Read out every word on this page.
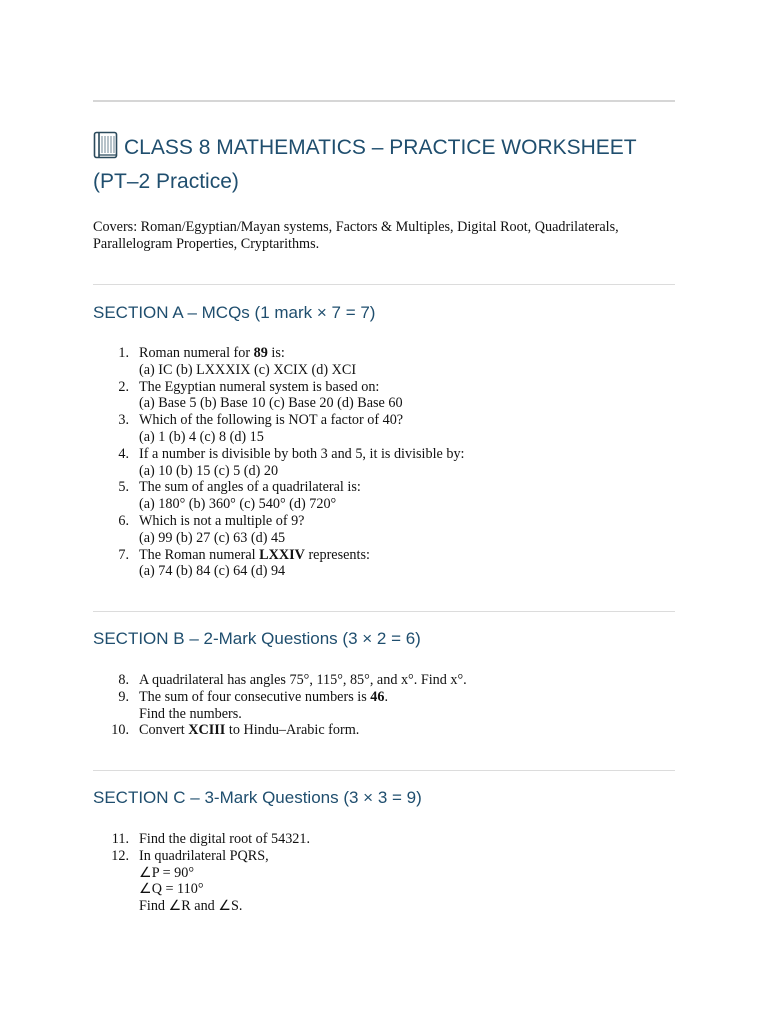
CLASS 8 MATHEMATICS – PRACTICE WORKSHEET (PT–2 Practice)

Covers: Roman/Egyptian/Mayan systems, Factors & Multiples, Digital Root, Quadrilaterals, Parallelogram Properties, Cryptarithms.

SECTION A – MCQs (1 mark × 7 = 7)
1. Roman numeral for 89 is:
(a) IC (b) LXXXIX (c) XCIX (d) XCI
2. The Egyptian numeral system is based on:
(a) Base 5 (b) Base 10 (c) Base 20 (d) Base 60
3. Which of the following is NOT a factor of 40?
(a) 1 (b) 4 (c) 8 (d) 15
4. If a number is divisible by both 3 and 5, it is divisible by:
(a) 10 (b) 15 (c) 5 (d) 20
5. The sum of angles of a quadrilateral is:
(a) 180° (b) 360° (c) 540° (d) 720°
6. Which is not a multiple of 9?
(a) 99 (b) 27 (c) 63 (d) 45
7. The Roman numeral LXXIV represents:
(a) 74 (b) 84 (c) 64 (d) 94
SECTION B – 2-Mark Questions (3 × 2 = 6)
8. A quadrilateral has angles 75°, 115°, 85°, and x°. Find x°.
9. The sum of four consecutive numbers is 46.
Find the numbers.
10. Convert XCIII to Hindu–Arabic form.
SECTION C – 3-Mark Questions (3 × 3 = 9)
11. Find the digital root of 54321.
12. In quadrilateral PQRS,
∠P = 90°
∠Q = 110°
Find ∠R and ∠S.
